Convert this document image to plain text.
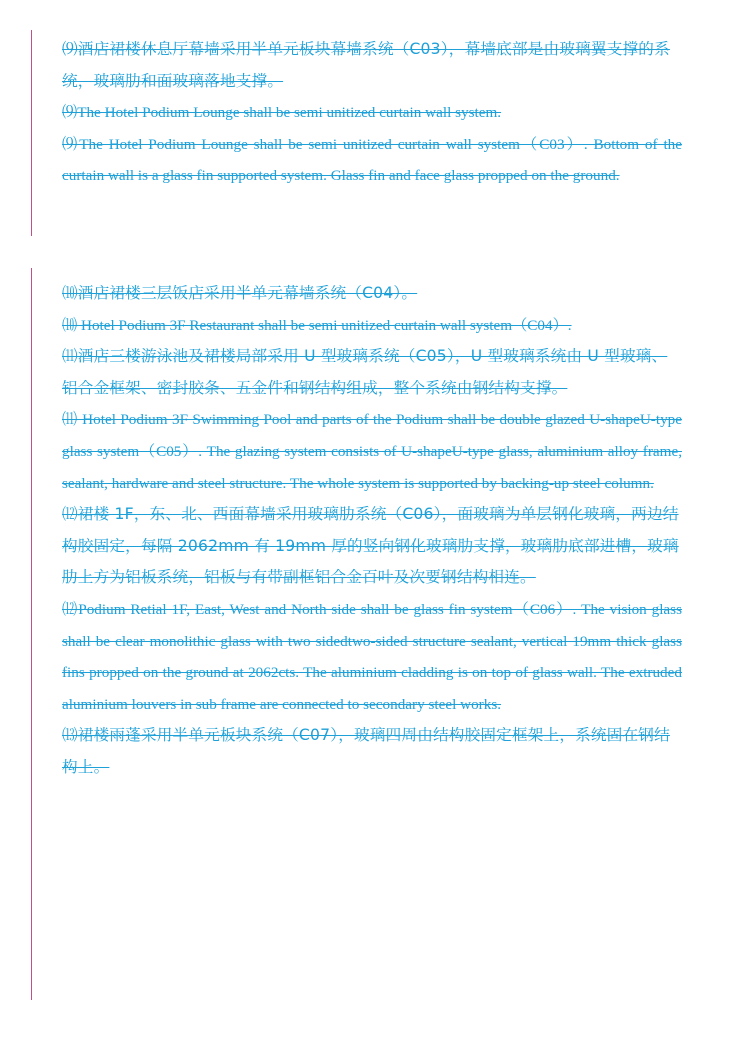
⑼酒店裙楼休息厅幕墙采用半单元板块幕墙系统（C03），幕墙底部是由玻璃翼支撑的系统，玻璃肋和面玻璃落地支撑。

⑼The Hotel Podium Lounge shall be semi unitized curtain wall system.

⑼The Hotel Podium Lounge shall be semi unitized curtain wall system（C03）. Bottom of the curtain wall is a glass fin supported system. Glass fin and face glass propped on the ground.

⑽酒店裙楼三层饭店采用半单元幕墙系统（C04）。

⑽ Hotel Podium 3F Restaurant shall be semi unitized curtain wall system（C04）.

⑾酒店三楼游泳池及裙楼局部采用 U 型玻璃系统（C05），U 型玻璃系统由 U 型玻璃、铝合金框架、密封胶条、五金件和钢结构组成，整个系统由钢结构支撑。

⑾ Hotel Podium 3F Swimming Pool and parts of the Podium shall be double glazed U-shapeU-type glass system（C05）. The glazing system consists of U-shapeU-type glass, aluminium alloy frame, sealant, hardware and steel structure. The whole system is supported by backing-up steel column.

⑿裙楼 1F，东、北、西面幕墙采用玻璃肋系统（C06），面玻璃为单层钢化玻璃，两边结构胶固定，每隔 2062mm 有 19mm 厚的竖向钢化玻璃肋支撑，玻璃肋底部进槽，玻璃肋上方为铝板系统，铝板与有带副框铝合金百叶及次要钢结构相连。

⑿Podium Retial 1F, East, West and North side shall be glass fin system（C06）. The vision glass shall be clear monolithic glass with two sidedtwo-sided structure sealant, vertical 19mm thick glass fins propped on the ground at 2062cts. The aluminium cladding is on top of glass wall. The extruded aluminium louvers in sub frame are connected to secondary steel works.

⒀裙楼雨蓬采用半单元板块系统（C07），玻璃四周由结构胶固定框架上，系统固在钢结构上。
